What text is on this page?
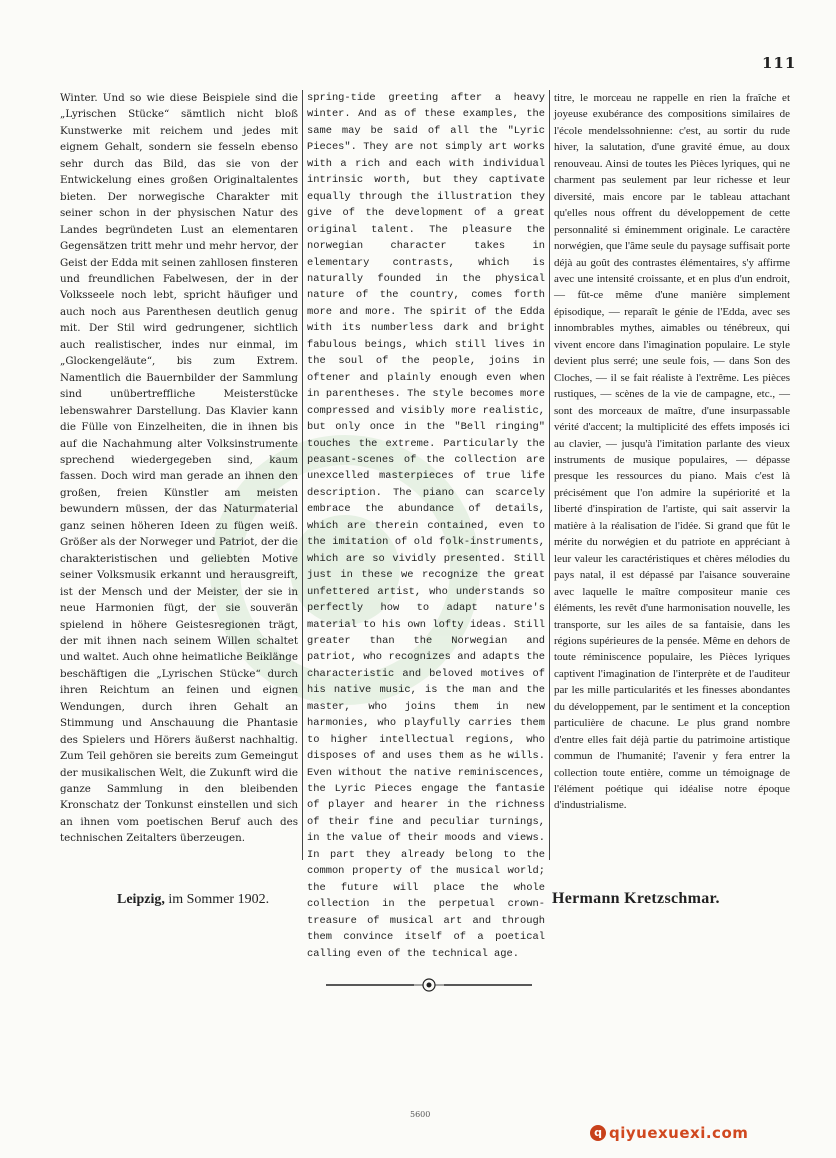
111

Winter. Und so wie diese Beispiele sind die „Lyrischen Stücke“ sämtlich nicht bloß Kunstwerke mit reichem und jedes mit eignem Gehalt, sondern sie fesseln ebenso sehr durch das Bild, das sie von der Entwickelung eines großen Originaltalentes bieten. Der norwegische Charakter mit seiner schon in der physischen Natur des Landes begründeten Lust an elementaren Gegensätzen tritt mehr und mehr hervor, der Geist der Edda mit seinen zahllosen finsteren und freundlichen Fabelwesen, der in der Volksseele noch lebt, spricht häufiger und auch noch aus Parenthesen deutlich genug mit. Der Stil wird gedrungener, sichtlich auch realistischer, indes nur einmal, im „Glockengeläute“, bis zum Extrem. Namentlich die Bauernbilder der Sammlung sind unübertreffliche Meisterstücke lebenswahrer Darstellung. Das Klavier kann die Fülle von Einzelheiten, die in ihnen bis auf die Nachahmung alter Volksinstrumente sprechend wiedergegeben sind, kaum fassen. Doch wird man gerade an ihnen den großen, freien Künstler am meisten bewundern müssen, der das Naturmaterial ganz seinen höheren Ideen zu fügen weiß. Größer als der Norweger und Patriot, der die charakteristischen und geliebten Motive seiner Volksmusik erkannt und herausgreift, ist der Mensch und der Meister, der sie in neue Harmonien fügt, der sie souverän spielend in höhere Geistesregionen trägt, der mit ihnen nach seinem Willen schaltet und waltet. Auch ohne heimatliche Beiklänge beschäftigen die „Lyrischen Stücke“ durch ihren Reichtum an feinen und eignen Wendungen, durch ihren Gehalt an Stimmung und Anschauung die Phantasie des Spielers und Hörers äußerst nachhaltig. Zum Teil gehören sie bereits zum Gemeingut der musikalischen Welt, die Zukunft wird die ganze Sammlung in den bleibenden Kronschatz der Tonkunst einstellen und sich an ihnen vom poetischen Beruf auch des technischen Zeitalters überzeugen.

spring-tide greeting after a heavy winter. And as of these examples, the same may be said of all the "Lyric Pieces". They are not simply art works with a rich and each with individual intrinsic worth, but they captivate equally through the illustration they give of the development of a great original talent. The pleasure the norwegian character takes in elementary contrasts, which is naturally founded in the physical nature of the country, comes forth more and more. The spirit of the Edda with its numberless dark and bright fabulous beings, which still lives in the soul of the people, joins in oftener and plainly enough even when in parentheses. The style becomes more compressed and visibly more realistic, but only once in the "Bell ringing" touches the extreme. Particularly the peasant-scenes of the collection are unexcelled masterpieces of true life description. The piano can scarcely embrace the abundance of details, which are therein contained, even to the imitation of old folk-instruments, which are so vividly presented. Still just in these we recognize the great unfettered artist, who understands so perfectly how to adapt nature's material to his own lofty ideas. Still greater than the Norwegian and patriot, who recognizes and adapts the characteristic and beloved motives of his native music, is the man and the master, who joins them in new harmonies, who playfully carries them to higher intellectual regions, who disposes of and uses them as he wills. Even without the native reminiscences, the Lyric Pieces engage the fantasie of player and hearer in the richness of their fine and peculiar turnings, in the value of their moods and views. In part they already belong to the common property of the musical world; the future will place the whole collection in the perpetual crown-treasure of musical art and through them convince itself of a poetical calling even of the technical age.

titre, le morceau ne rappelle en rien la fraîche et joyeuse exubérance des compositions similaires de l'école mendelssohnienne: c'est, au sortir du rude hiver, la salutation, d'une gravité émue, au doux renouveau. Ainsi de toutes les Pièces lyriques, qui ne charment pas seulement par leur richesse et leur diversité, mais encore par le tableau attachant qu'elles nous offrent du développement de cette personnalité si éminemment originale. Le caractère norwégien, que l'âme seule du paysage suffisait porte déjà au goût des contrastes élémentaires, s'y affirme avec une intensité croissante, et en plus d'un endroit, — fût-ce même d'une manière simplement épisodique, — reparaît le génie de l'Edda, avec ses innombrables mythes, aimables ou ténébreux, qui vivent encore dans l'imagination populaire. Le style devient plus serré; une seule fois, — dans Son des Cloches, — il se fait réaliste à l'extrême. Les pièces rustiques, — scènes de la vie de campagne, etc., — sont des morceaux de maître, d'une insurpassable vérité d'accent; la multiplicité des effets imposés ici au clavier, — jusqu'à l'imitation parlante des vieux instruments de musique populaires, — dépasse presque les ressources du piano. Mais c'est là précisément que l'on admire la supériorité et la liberté d'inspiration de l'artiste, qui sait asservir la matière à la réalisation de l'idée. Si grand que fût le mérite du norwégien et du patriote en appréciant à leur valeur les caractéristiques et chères mélodies du pays natal, il est dépassé par l'aisance souveraine avec laquelle le maître compositeur manie ces éléments, les revêt d'une harmonisation nouvelle, les transporte, sur les ailes de sa fantaisie, dans les régions supérieures de la pensée. Même en dehors de toute réminiscence populaire, les Pièces lyriques captivent l'imagination de l'interprète et de l'auditeur par les mille particularités et les finesses abondantes du développement, par le sentiment et la conception particulière de chacune. Le plus grand nombre d'entre elles fait déjà partie du patrimoine artistique commun de l'humanité; l'avenir y fera entrer la collection toute entière, comme un témoignage de l'élément poétique qui idéalise notre époque d'industrialisme.

Leipzig, im Sommer 1902.	Hermann Kretzschmar.
5600
q qiyuexuexi.com
